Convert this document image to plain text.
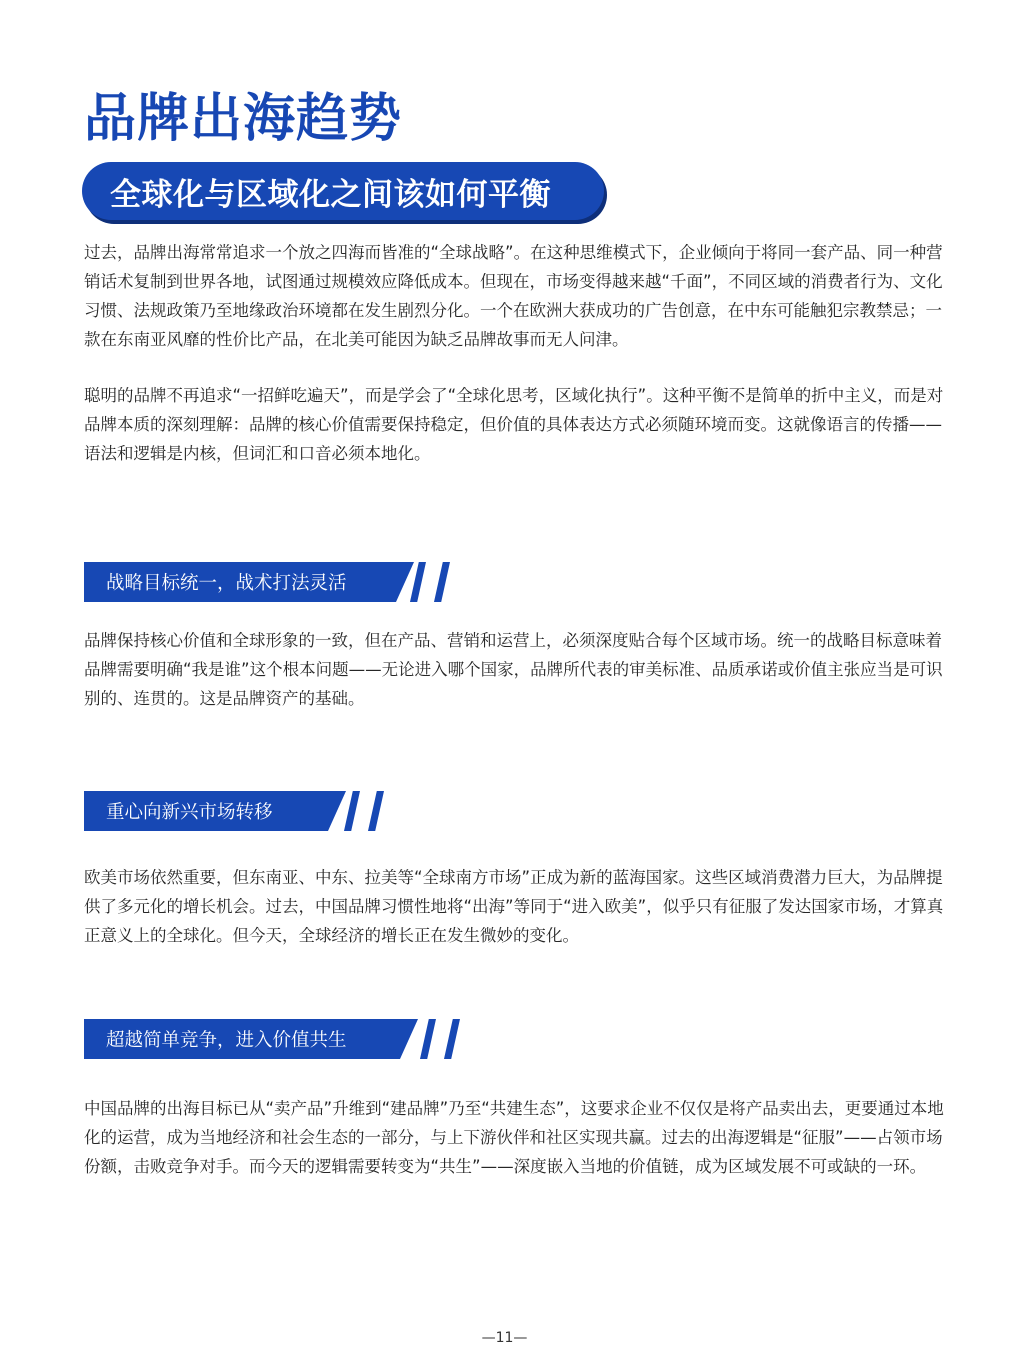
品牌出海趋势
全球化与区域化之间该如何平衡

过去，品牌出海常常追求一个放之四海而皆准的“全球战略”。在这种思维模式下，企业倾向于将同一套产品、同一种营销话术复制到世界各地，试图通过规模效应降低成本。但现在，市场变得越来越“千面”，不同区域的消费者行为、文化习惯、法规政策乃至地缘政治环境都在发生剧烈分化。一个在欧洲大获成功的广告创意，在中东可能触犯宗教禁忌；一款在东南亚风靡的性价比产品，在北美可能因为缺乏品牌故事而无人问津。

聪明的品牌不再追求“一招鲜吃遍天”，而是学会了“全球化思考，区域化执行”。这种平衡不是简单的折中主义，而是对品牌本质的深刻理解：品牌的核心价值需要保持稳定，但价值的具体表达方式必须随环境而变。这就像语言的传播——语法和逻辑是内核，但词汇和口音必须本地化。

战略目标统一，战术打法灵活

品牌保持核心价值和全球形象的一致，但在产品、营销和运营上，必须深度贴合每个区域市场。统一的战略目标意味着品牌需要明确“我是谁”这个根本问题——无论进入哪个国家，品牌所代表的审美标准、品质承诺或价值主张应当是可识别的、连贯的。这是品牌资产的基础。

重心向新兴市场转移

欧美市场依然重要，但东南亚、中东、拉美等“全球南方市场”正成为新的蓝海国家。这些区域消费潜力巨大，为品牌提供了多元化的增长机会。过去，中国品牌习惯性地将“出海”等同于“进入欧美”，似乎只有征服了发达国家市场，才算真正意义上的全球化。但今天，全球经济的增长正在发生微妙的变化。

超越简单竞争，进入价值共生

中国品牌的出海目标已从“卖产品”升维到“建品牌”乃至“共建生态”，这要求企业不仅仅是将产品卖出去，更要通过本地化的运营，成为当地经济和社会生态的一部分，与上下游伙伴和社区实现共赢。过去的出海逻辑是“征服”——占领市场份额，击败竞争对手。而今天的逻辑需要转变为“共生”——深度嵌入当地的价值链，成为区域发展不可或缺的一环。

—11—
